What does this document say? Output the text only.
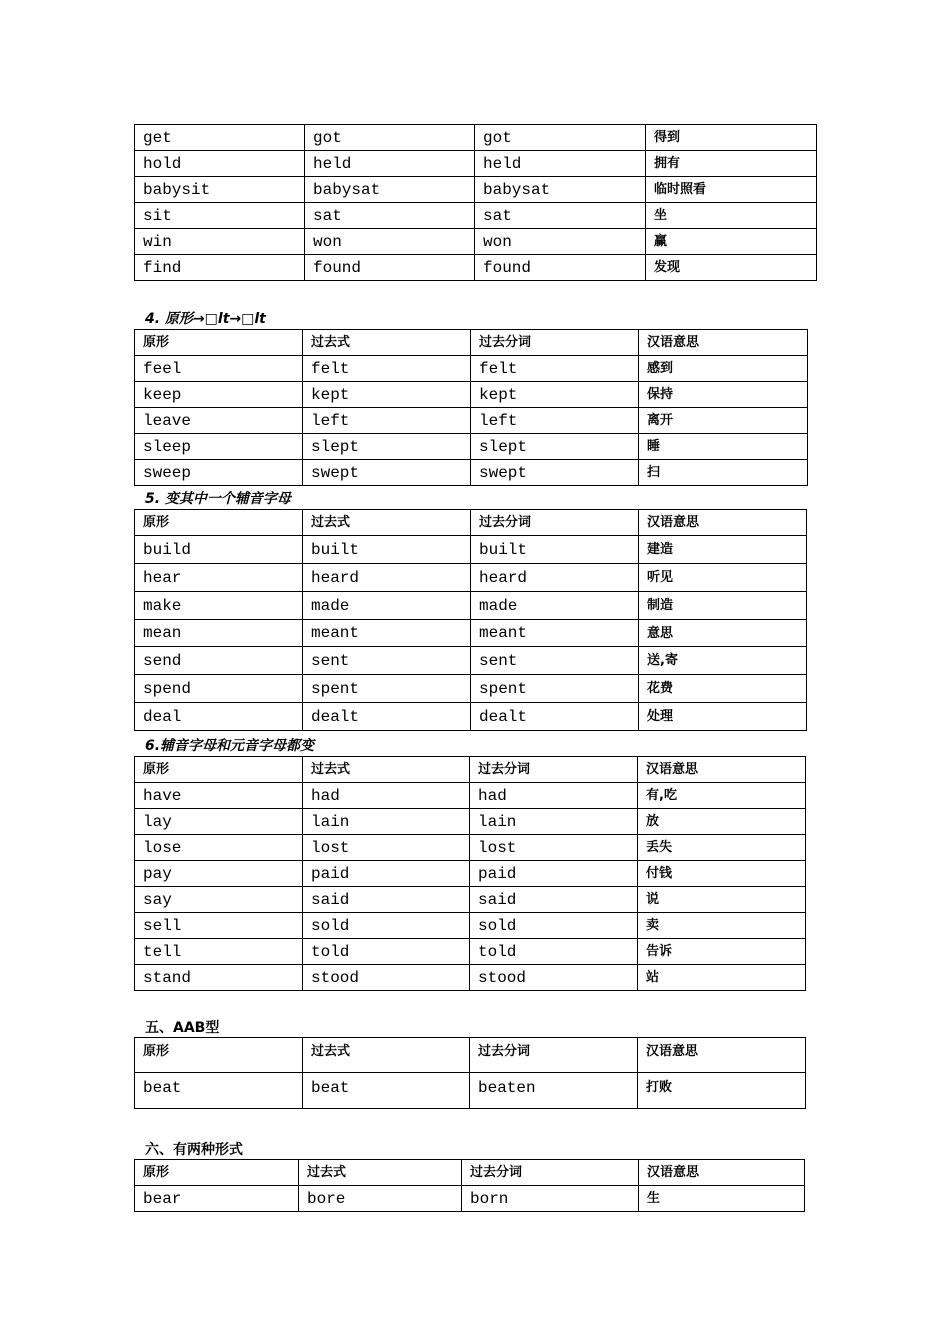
get	got	got	得到
hold	held	held	拥有
babysit	babysat	babysat	临时照看
sit	sat	sat	坐
win	won	won	赢
find	found	found	发现
4. 原形→□lt→□lt
原形	过去式	过去分词	汉语意思
feel	felt	felt	感到
keep	kept	kept	保持
leave	left	left	离开
sleep	slept	slept	睡
sweep	swept	swept	扫
5. 变其中一个辅音字母
原形	过去式	过去分词	汉语意思
build	built	built	建造
hear	heard	heard	听见
make	made	made	制造
mean	meant	meant	意思
send	sent	sent	送,寄
spend	spent	spent	花费
deal	dealt	dealt	处理
6.辅音字母和元音字母都变
原形	过去式	过去分词	汉语意思
have	had	had	有,吃
lay	lain	lain	放
lose	lost	lost	丢失
pay	paid	paid	付钱
say	said	said	说
sell	sold	sold	卖
tell	told	told	告诉
stand	stood	stood	站
五、AAB型
原形	过去式	过去分词	汉语意思
beat	beat	beaten	打败
六、有两种形式
原形	过去式	过去分词	汉语意思
bear	bore	born	生
